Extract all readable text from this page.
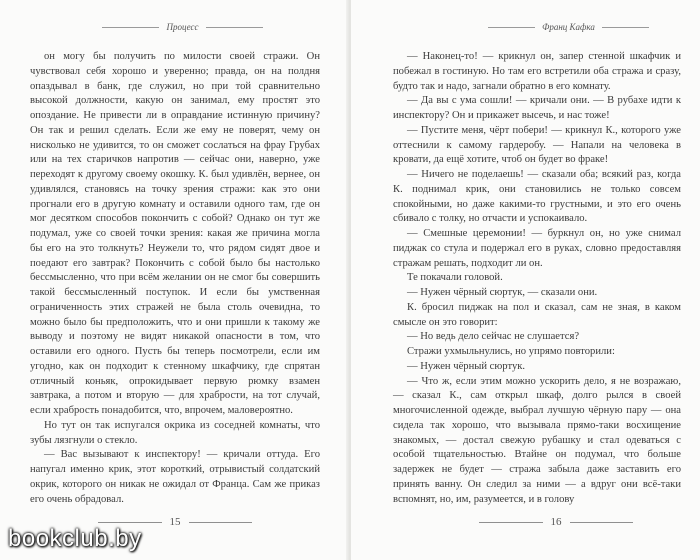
Процесс

он могу бы получить по милости своей стражи. Он чувствовал себя хорошо и уверенно; правда, он на полдня опаздывал в банк, где служил, но при той сравнительно высокой должности, какую он занимал, ему простят это опоздание. Не привести ли в оправдание истинную причину? Он так и решил сделать. Если же ему не поверят, чему он нисколько не удивится, то он сможет сослаться на фрау Грубах или на тех старичков напротив — сейчас они, наверно, уже переходят к другому своему окошку. К. был удивлён, вернее, он удивлялся, становясь на точку зрения стражи: как это они прогнали его в другую комнату и оставили одного там, где он мог десятком способов покончить с собой? Однако он тут же подумал, уже со своей точки зрения: какая же причина могла бы его на это толкнуть? Неужели то, что рядом сидят двое и поедают его завтрак? Покончить с собой было бы настолько бессмысленно, что при всём желании он не смог бы совершить такой бессмысленный поступок. И если бы умственная ограниченность этих стражей не была столь очевидна, то можно было бы предположить, что и они пришли к такому же выводу и поэтому не видят никакой опасности в том, что оставили его одного. Пусть бы теперь посмотрели, если им угодно, как он подходит к стенному шкафчику, где спрятан отличный коньяк, опрокидывает первую рюмку взамен завтрака, а потом и вторую — для храбрости, на тот случай, если храбрость понадобится, что, впрочем, маловероятно.

Но тут он так испугался окрика из соседней комнаты, что зубы лязгнули о стекло.

— Вас вызывают к инспектору! — кричали оттуда. Его напугал именно крик, этот короткий, отрывистый солдатский окрик, которого он никак не ожидал от Франца. Сам же приказ его очень обрадовал.

15
Франц Кафка

— Наконец-то! — крикнул он, запер стенной шкафчик и побежал в гостиную. Но там его встретили оба стража и сразу, будто так и надо, загнали обратно в его комнату.

— Да вы с ума сошли! — кричали они. — В рубахе идти к инспектору? Он и прикажет высечь, и нас тоже!

— Пустите меня, чёрт побери! — крикнул К., которого уже оттеснили к самому гардеробу. — Напали на человека в кровати, да ещё хотите, чтоб он будет во фраке!

— Ничего не поделаешь! — сказали оба; всякий раз, когда К. поднимал крик, они становились не только совсем спокойными, но даже какими-то грустными, и это его очень сбивало с толку, но отчасти и успокаивало.

— Смешные церемонии! — буркнул он, но уже снимал пиджак со стула и подержал его в руках, словно предоставляя стражам решать, подходит ли он.

Те покачали головой.

— Нужен чёрный сюртук, — сказали они.

К. бросил пиджак на пол и сказал, сам не зная, в каком смысле он это говорит:

— Но ведь дело сейчас не слушается?

Стражи ухмыльнулись, но упрямо повторили:

— Нужен чёрный сюртук.

— Что ж, если этим можно ускорить дело, я не возражаю, — сказал К., сам открыл шкаф, долго рылся в своей многочисленной одежде, выбрал лучшую чёрную пару — она сидела так хорошо, что вызывала прямо-таки восхищение знакомых, — достал свежую рубашку и стал одеваться с особой тщательностью. Втайне он подумал, что больше задержек не будет — стража забыла даже заставить его принять ванну. Он следил за ними — а вдруг они всё-таки вспомнят, но, им, разумеется, и в голову

16
bookclub.by
